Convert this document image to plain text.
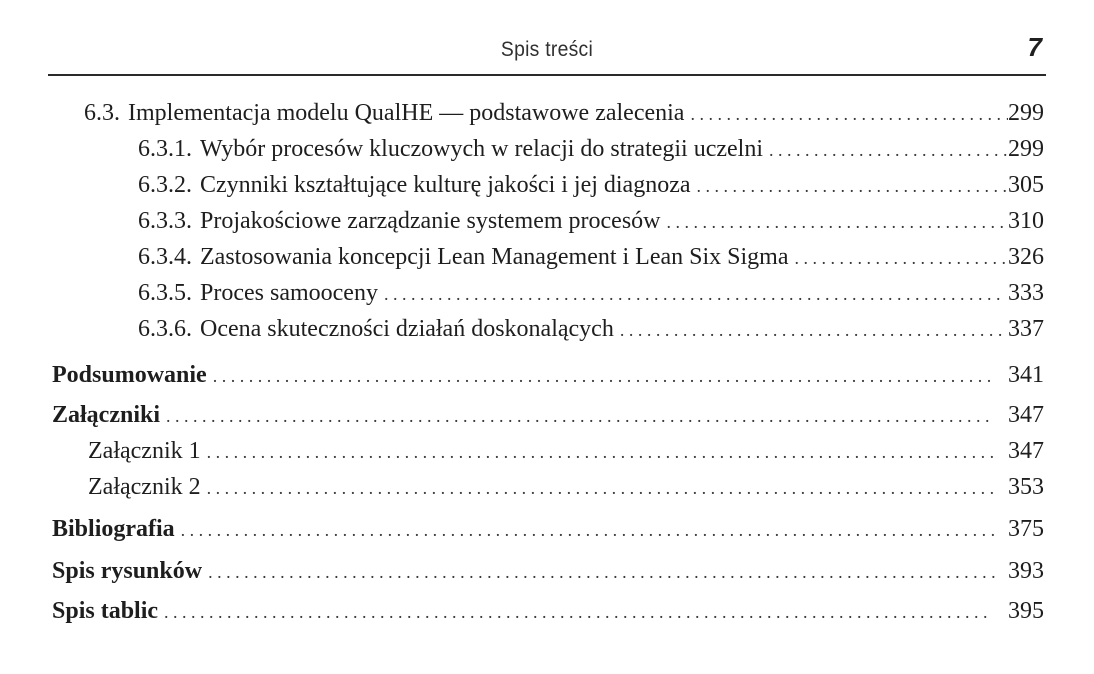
Spis treści	7
6.3. Implementacja modelu QualHE — podstawowe zalecenia . . .	299
6.3.1. Wybór procesów kluczowych w relacji do strategii uczelni . . .	299
6.3.2. Czynniki kształtujące kulturę jakości i jej diagnoza . . .	305
6.3.3. Projakościowe zarządzanie systemem procesów . . .	310
6.3.4. Zastosowania koncepcji Lean Management i Lean Six Sigma . . .	326
6.3.5. Proces samooceny . . .	333
6.3.6. Ocena skuteczności działań doskonalących . . .	337
Podsumowanie . . .	341
Załączniki . . .	347
Załącznik 1 . . .	347
Załącznik 2 . . .	353
Bibliografia . . .	375
Spis rysunków . . .	393
Spis tablic . . .	395
